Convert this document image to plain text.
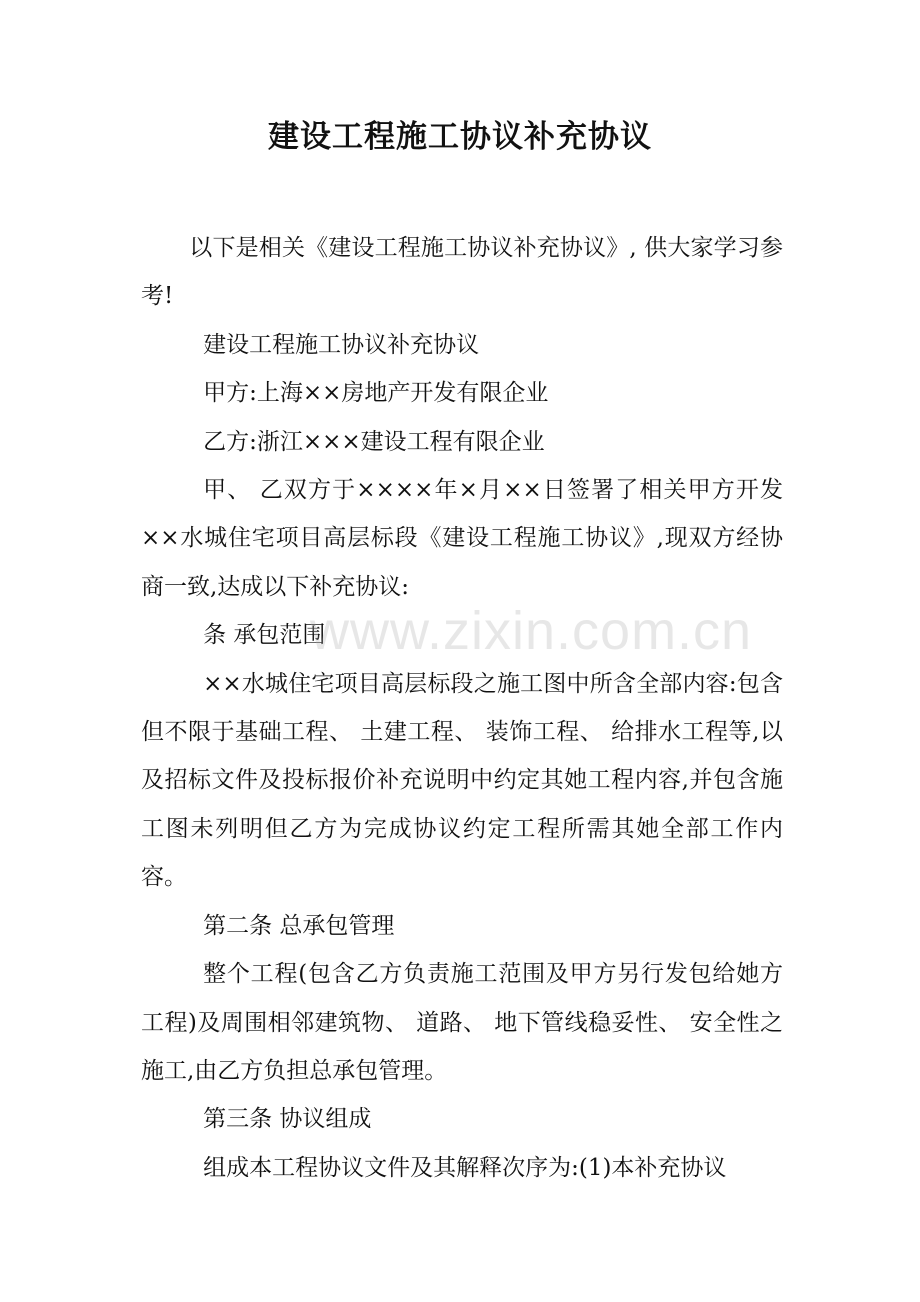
建设工程施工协议补充协议

以下是相关《建设工程施工协议补充协议》, 供大家学习参考!

建设工程施工协议补充协议

甲方:上海××房地产开发有限企业

乙方:浙江×××建设工程有限企业

甲、 乙双方于××××年×月××日签署了相关甲方开发××水城住宅项目高层标段《建设工程施工协议》,现双方经协商一致,达成以下补充协议:

条 承包范围

××水城住宅项目高层标段之施工图中所含全部内容:包含但不限于基础工程、 土建工程、 装饰工程、 给排水工程等,以及招标文件及投标报价补充说明中约定其她工程内容,并包含施工图未列明但乙方为完成协议约定工程所需其她全部工作内容。

第二条 总承包管理

整个工程(包含乙方负责施工范围及甲方另行发包给她方工程)及周围相邻建筑物、 道路、 地下管线稳妥性、 安全性之施工,由乙方负担总承包管理。

第三条 协议组成

组成本工程协议文件及其解释次序为:(1)本补充协议

www.zixin.com.cn
